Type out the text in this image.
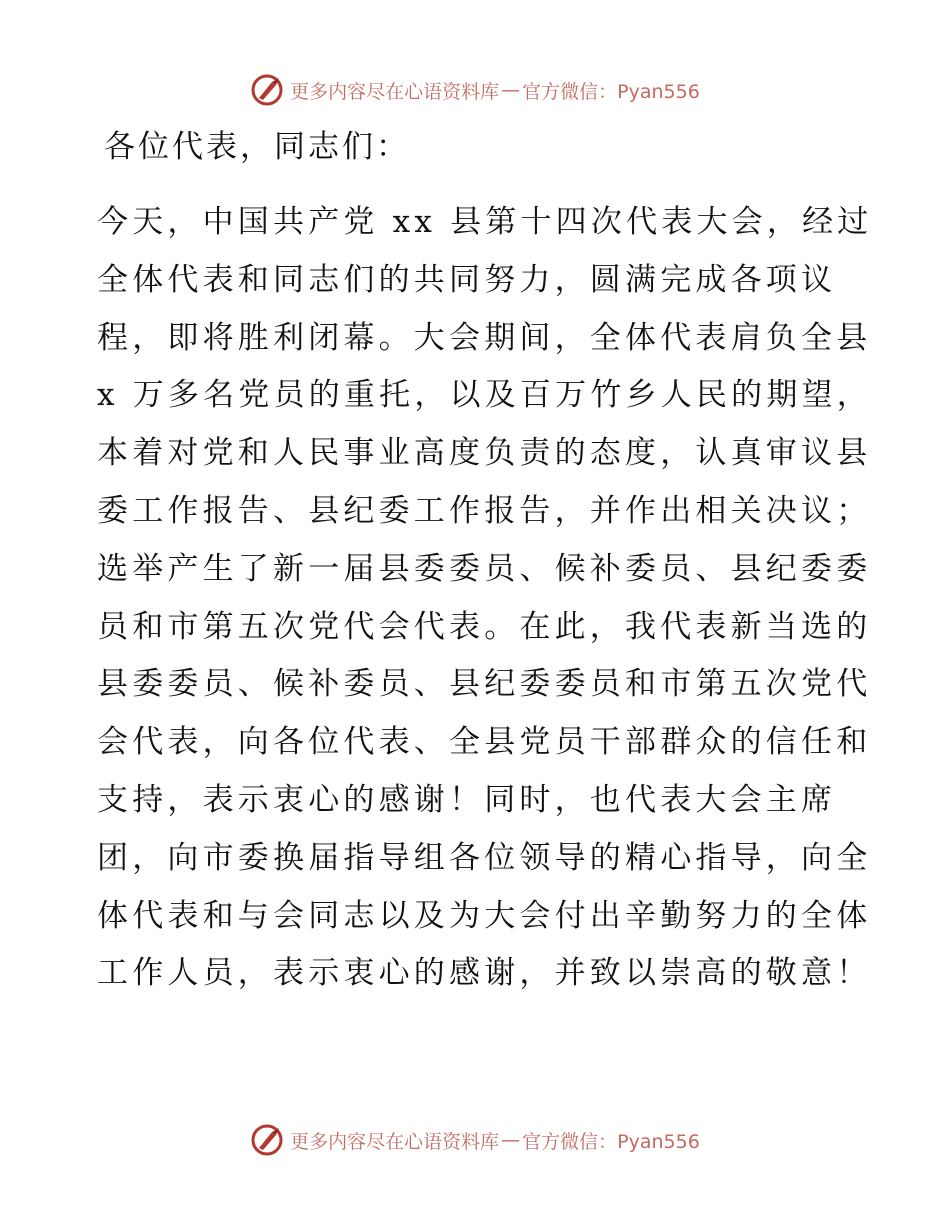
更多内容尽在心语资料库 — 官方微信：Pyan556

各位代表，同志们：

今天，中国共产党 xx 县第十四次代表大会，经过
全体代表和同志们的共同努力，圆满完成各项议
程，即将胜利闭幕。大会期间，全体代表肩负全县
x 万多名党员的重托，以及百万竹乡人民的期望，
本着对党和人民事业高度负责的态度，认真审议县
委工作报告、县纪委工作报告，并作出相关决议；
选举产生了新一届县委委员、候补委员、县纪委委
员和市第五次党代会代表。在此，我代表新当选的
县委委员、候补委员、县纪委委员和市第五次党代
会代表，向各位代表、全县党员干部群众的信任和
支持，表示衷心的感谢！同时，也代表大会主席
团，向市委换届指导组各位领导的精心指导，向全
体代表和与会同志以及为大会付出辛勤努力的全体
工作人员，表示衷心的感谢，并致以崇高的敬意！
更多内容尽在心语资料库 — 官方微信：Pyan556
